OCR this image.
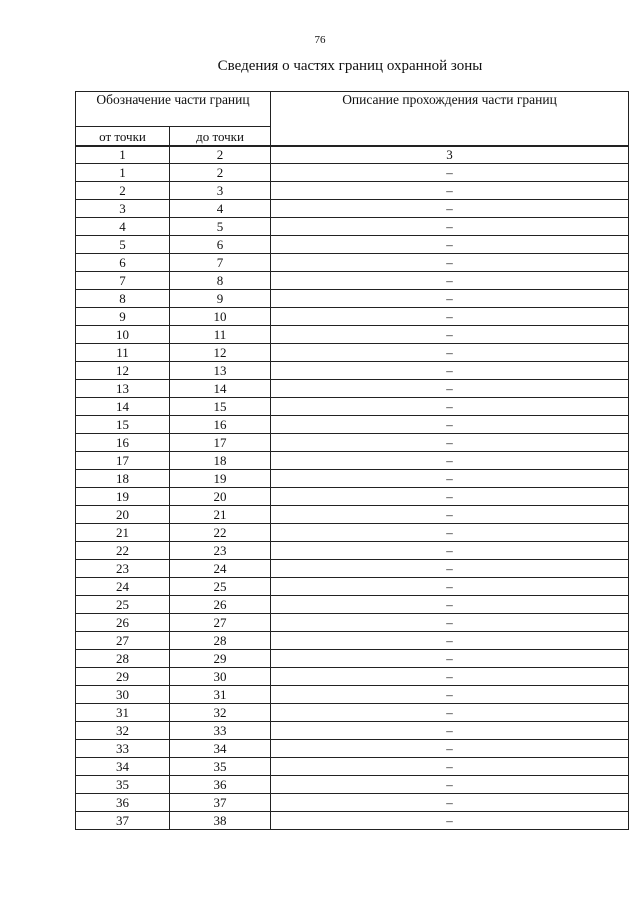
76
Сведения о частях границ охранной зоны
Обозначение части границ		Описание прохождения части границ
от точки	до точки	
1	2	3
1	2	–
2	3	–
3	4	–
4	5	–
5	6	–
6	7	–
7	8	–
8	9	–
9	10	–
10	11	–
11	12	–
12	13	–
13	14	–
14	15	–
15	16	–
16	17	–
17	18	–
18	19	–
19	20	–
20	21	–
21	22	–
22	23	–
23	24	–
24	25	–
25	26	–
26	27	–
27	28	–
28	29	–
29	30	–
30	31	–
31	32	–
32	33	–
33	34	–
34	35	–
35	36	–
36	37	–
37	38	–
